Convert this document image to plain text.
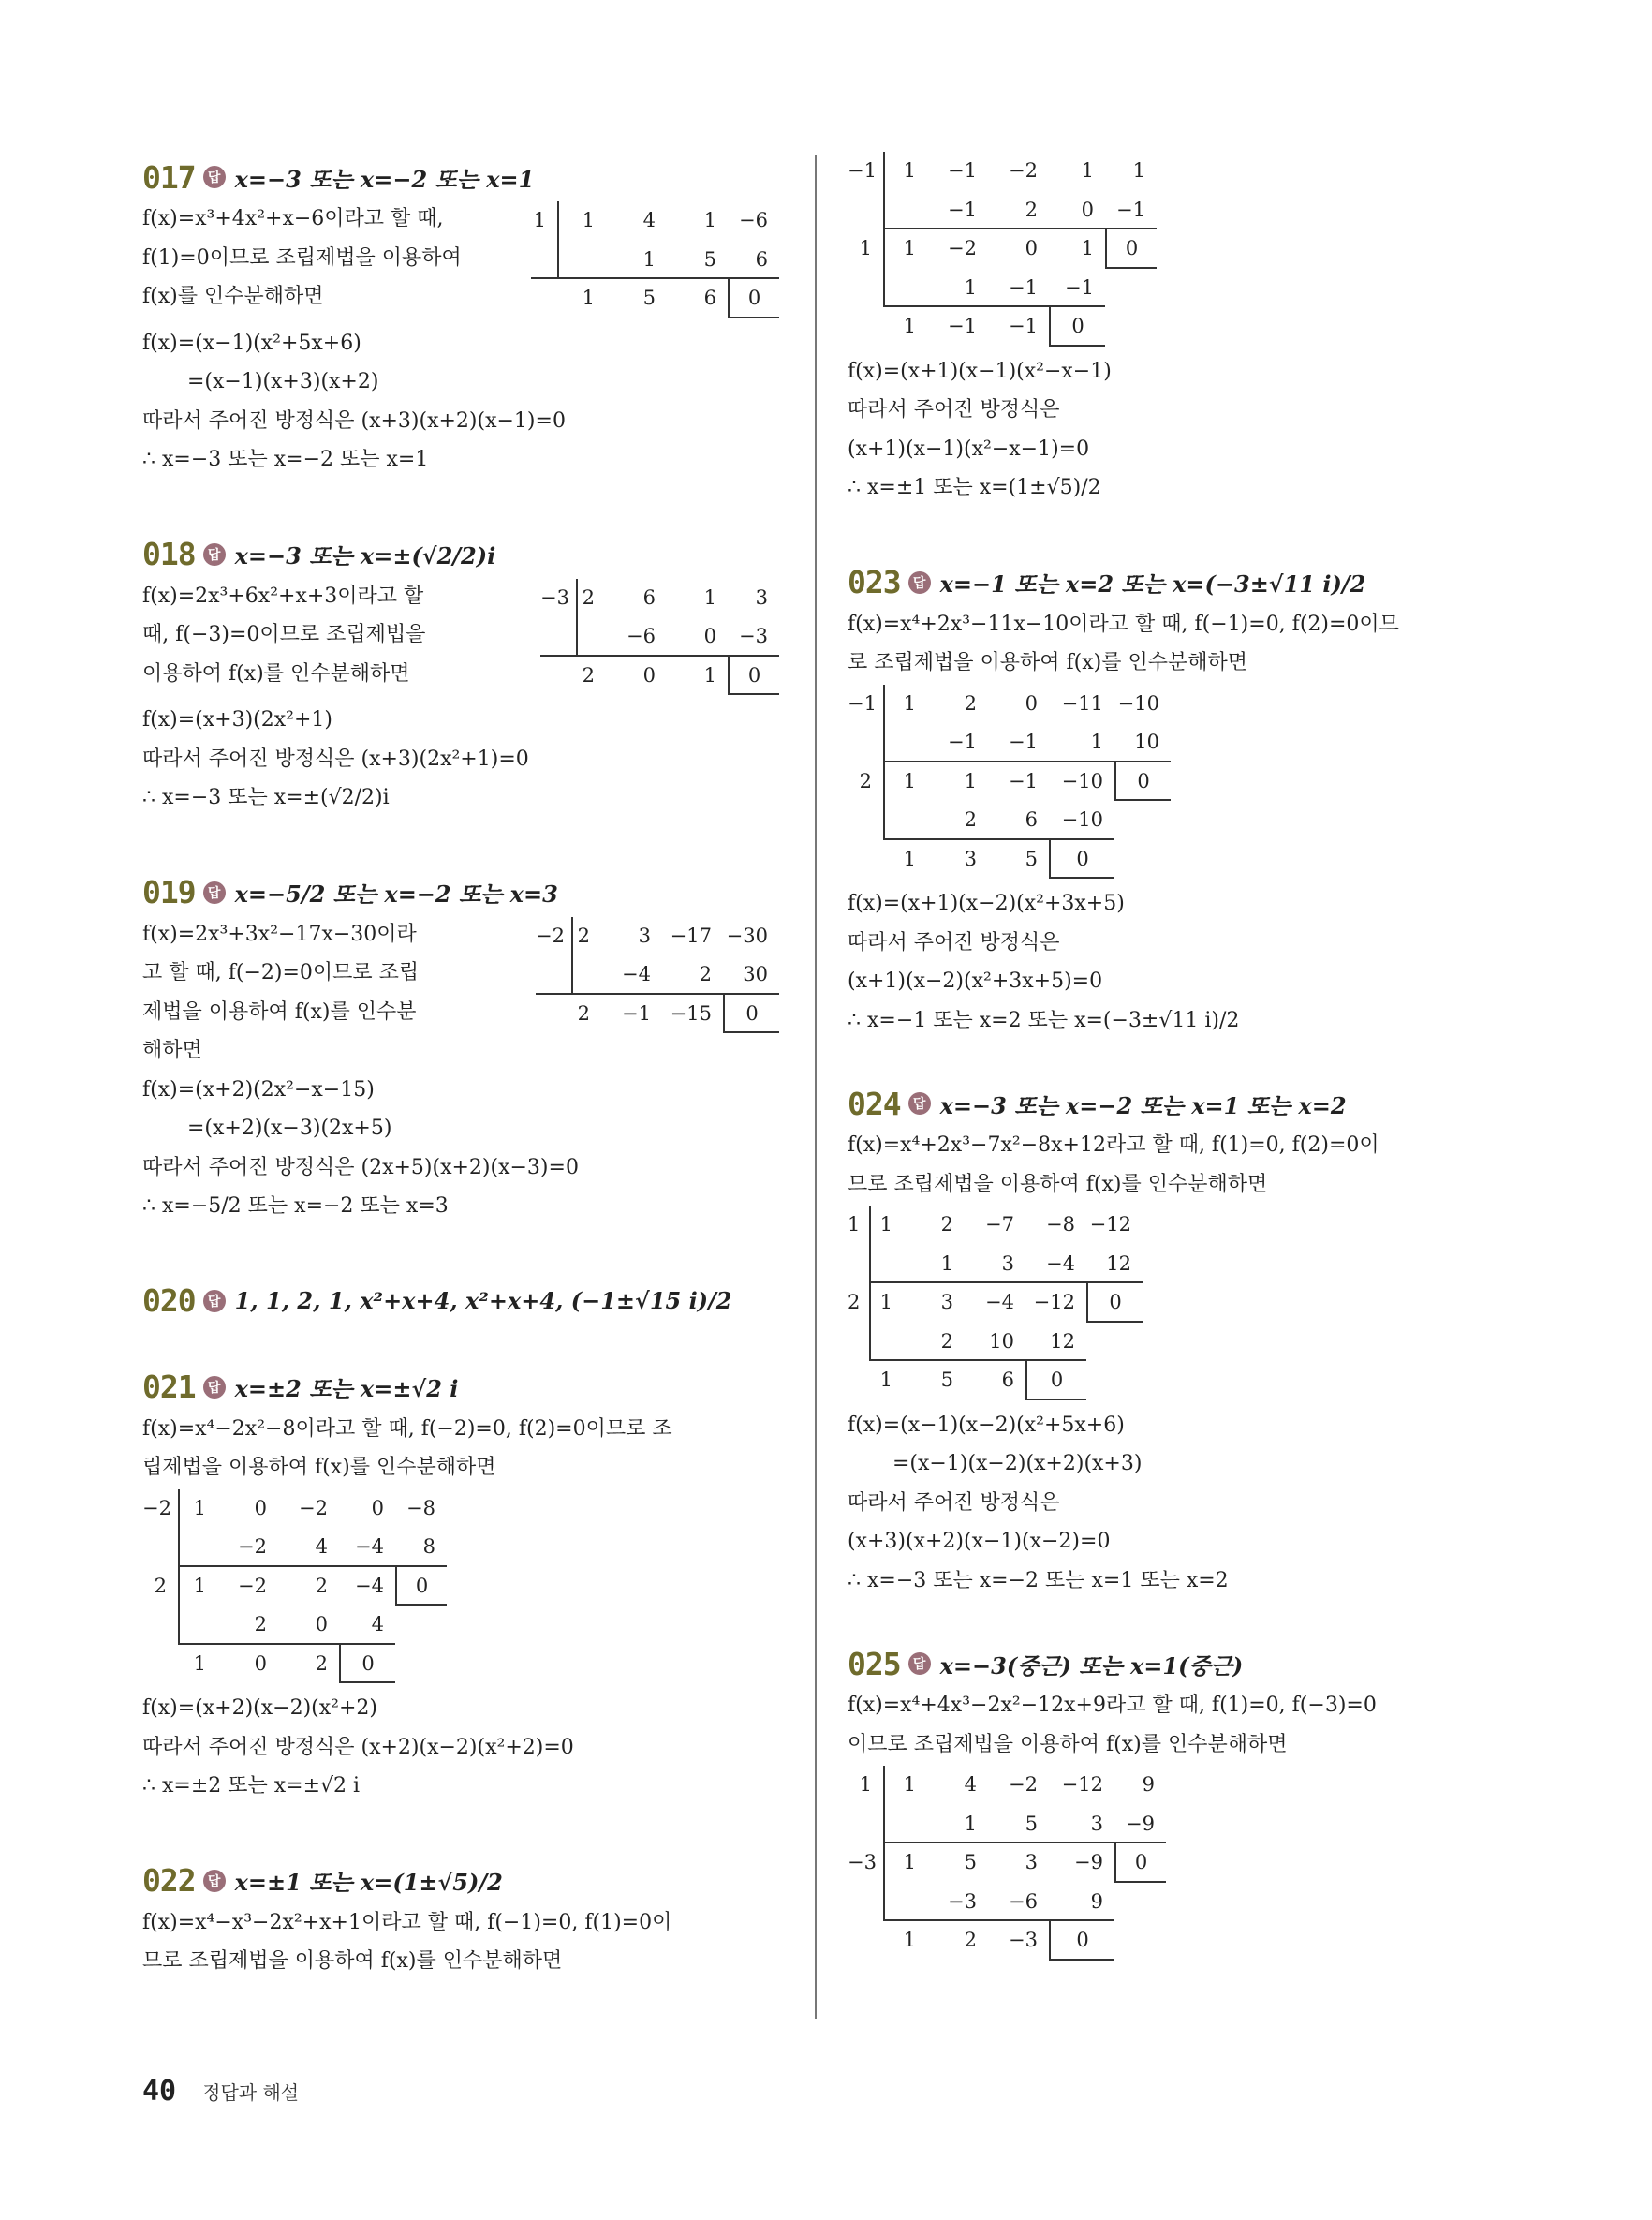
017 답 x=−3 또는 x=−2 또는 x=1
f(x)=x³+4x²+x−6이라고 할 때,
f(1)=0이므로 조립제법을 이용하여
f(x)를 인수분해하면
1	1	4	1	−6
1	5	6
1	5	6	0
f(x)=(x−1)(x²+5x+6)
=(x−1)(x+3)(x+2)
따라서 주어진 방정식은 (x+3)(x+2)(x−1)=0
∴ x=−3 또는 x=−2 또는 x=1
018 답 x=−3 또는 x=±(√2/2)i
f(x)=2x³+6x²+x+3이라고 할
때, f(−3)=0이므로 조립제법을
이용하여 f(x)를 인수분해하면
−3 2	6	1	3
−6	0	−3
2	0	1	0
f(x)=(x+3)(2x²+1)
따라서 주어진 방정식은 (x+3)(2x²+1)=0
∴ x=−3 또는 x=±(√2/2)i
019 답 x=−5/2 또는 x=−2 또는 x=3
f(x)=2x³+3x²−17x−30이라
고 할 때, f(−2)=0이므로 조립
제법을 이용하여 f(x)를 인수분
해하면
−2 2	3 −17 −30
−4	2	30
2	−1 −15	0
f(x)=(x+2)(2x²−x−15)
=(x+2)(x−3)(2x+5)
따라서 주어진 방정식은 (2x+5)(x+2)(x−3)=0
∴ x=−5/2 또는 x=−2 또는 x=3
020 답 1, 1, 2, 1, x²+x+4, x²+x+4, (−1±√15 i)/2
021 답 x=±2 또는 x=±√2 i
f(x)=x⁴−2x²−8이라고 할 때, f(−2)=0, f(2)=0이므로 조
립제법을 이용하여 f(x)를 인수분해하면
−2	1	0	−2	0	−8
−2	4	−4	8
2	1	−2	2	−4	0
2	0	4
1	0	2	0
f(x)=(x+2)(x−2)(x²+2)
따라서 주어진 방정식은 (x+2)(x−2)(x²+2)=0
∴ x=±2 또는 x=±√2 i
022 답 x=±1 또는 x=(1±√5)/2
f(x)=x⁴−x³−2x²+x+1이라고 할 때, f(−1)=0, f(1)=0이
므로 조립제법을 이용하여 f(x)를 인수분해하면
−1	1	−1	−2	1	1
−1	2	0	−1
1	1	−2	0	1	0
1	−1	−1
1	−1	−1	0
f(x)=(x+1)(x−1)(x²−x−1)
따라서 주어진 방정식은
(x+1)(x−1)(x²−x−1)=0
∴ x=±1 또는 x=(1±√5)/2
023 답 x=−1 또는 x=2 또는 x=(−3±√11 i)/2
f(x)=x⁴+2x³−11x−10이라고 할 때, f(−1)=0, f(2)=0이므
로 조립제법을 이용하여 f(x)를 인수분해하면
−1	1	2	0	−11 −10
−1	−1	1	10
2	1	1	−1	−10	0
2	6	−10
1	3	5	0
f(x)=(x+1)(x−2)(x²+3x+5)
따라서 주어진 방정식은
(x+1)(x−2)(x²+3x+5)=0
∴ x=−1 또는 x=2 또는 x=(−3±√11 i)/2
024 답 x=−3 또는 x=−2 또는 x=1 또는 x=2
f(x)=x⁴+2x³−7x²−8x+12라고 할 때, f(1)=0, f(2)=0이
므로 조립제법을 이용하여 f(x)를 인수분해하면
1	1	2	−7	−8 −12
1	3	−4	12
2	1	3	−4 −12	0
2	10	12
1	5	6	0
f(x)=(x−1)(x−2)(x²+5x+6)
=(x−1)(x−2)(x+2)(x+3)
따라서 주어진 방정식은
(x+3)(x+2)(x−1)(x−2)=0
∴ x=−3 또는 x=−2 또는 x=1 또는 x=2
025 답 x=−3(중근) 또는 x=1(중근)
f(x)=x⁴+4x³−2x²−12x+9라고 할 때, f(1)=0, f(−3)=0
이므로 조립제법을 이용하여 f(x)를 인수분해하면
1	1	4	−2	−12	9
1	5	3	−9
−3	1	5	3	−9	0
−3	−6	9
1	2	−3	0
40 정답과 해설
